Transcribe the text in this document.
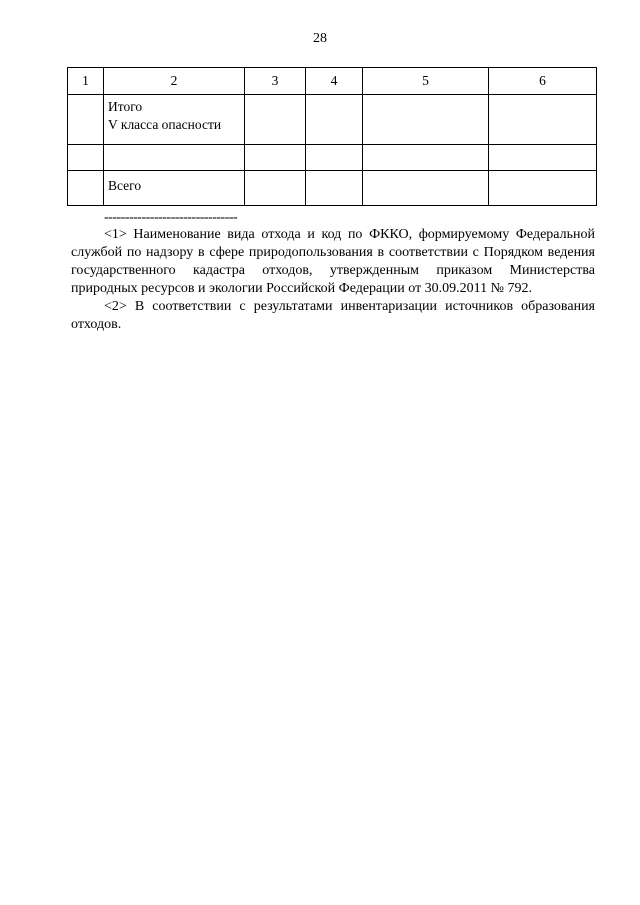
28
1	2	3	4	5	6

	Итого
V класса опасности				

	Всего				
--------------------------------

<1> Наименование вида отхода и код по ФККО, формируемому Федеральной службой по надзору в сфере природопользования в соответствии с Порядком ведения государственного кадастра отходов, утвержденным приказом Министерства природных ресурсов и экологии Российской Федерации от 30.09.2011 № 792.

<2> В соответствии с результатами инвентаризации источников образования отходов.
